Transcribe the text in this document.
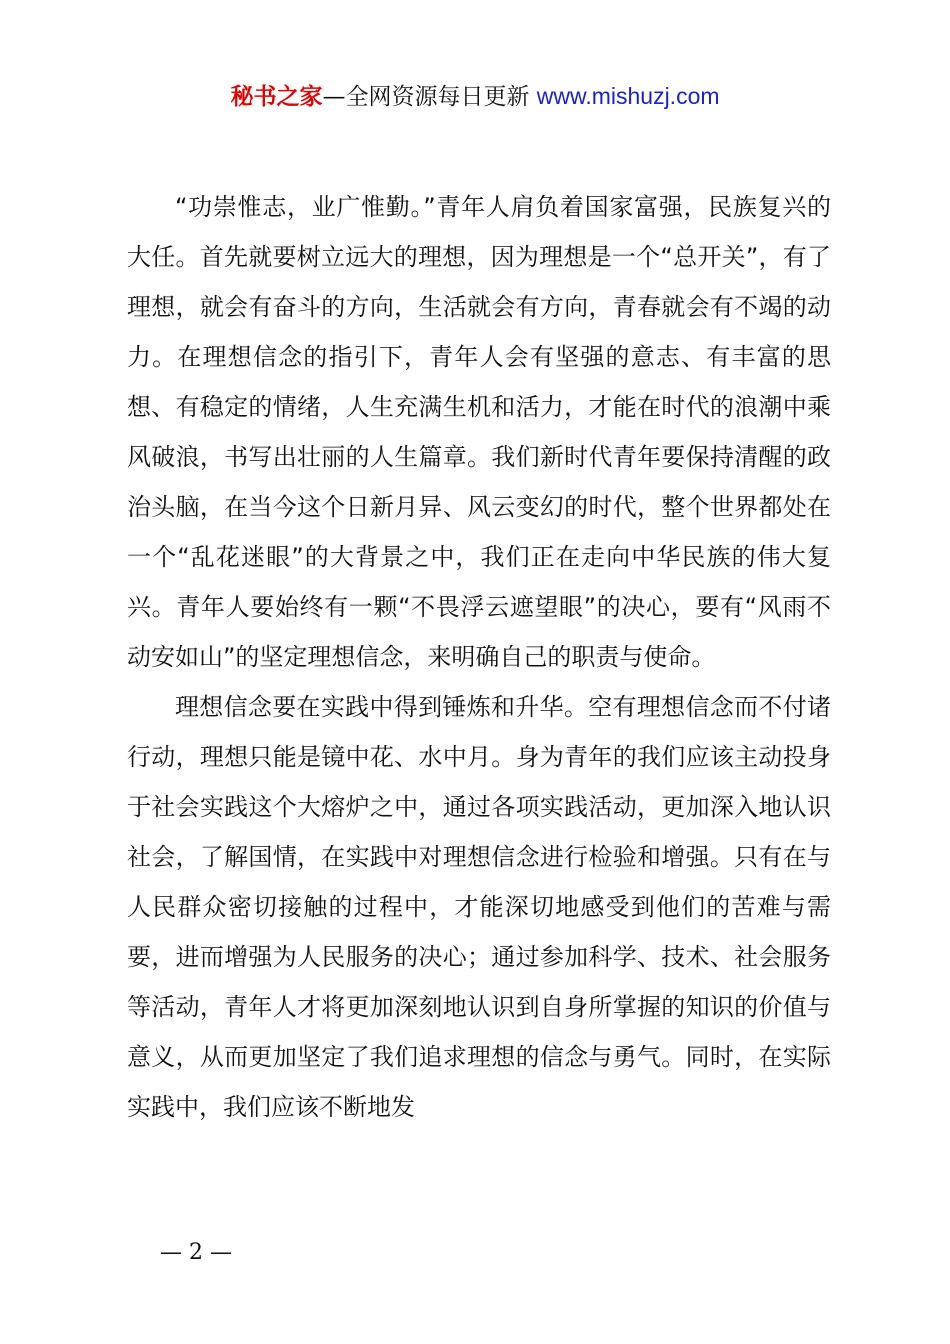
秘书之家—全网资源每日更新 www.mishuzj.com

“功崇惟志，业广惟勤。”青年人肩负着国家富强，民族复兴的大任。首先就要树立远大的理想，因为理想是一个“总开关”，有了理想，就会有奋斗的方向，生活就会有方向，青春就会有不竭的动力。在理想信念的指引下，青年人会有坚强的意志、有丰富的思想、有稳定的情绪，人生充满生机和活力，才能在时代的浪潮中乘风破浪，书写出壮丽的人生篇章。我们新时代青年要保持清醒的政治头脑，在当今这个日新月异、风云变幻的时代，整个世界都处在一个“乱花迷眼”的大背景之中，我们正在走向中华民族的伟大复兴。青年人要始终有一颗“不畏浮云遮望眼”的决心，要有“风雨不动安如山”的坚定理想信念，来明确自己的职责与使命。

理想信念要在实践中得到锤炼和升华。空有理想信念而不付诸行动，理想只能是镜中花、水中月。身为青年的我们应该主动投身于社会实践这个大熔炉之中，通过各项实践活动，更加深入地认识社会，了解国情，在实践中对理想信念进行检验和增强。只有在与人民群众密切接触的过程中，才能深切地感受到他们的苦难与需要，进而增强为人民服务的决心；通过参加科学、技术、社会服务等活动，青年人才将更加深刻地认识到自身所掌握的知识的价值与意义，从而更加坚定了我们追求理想的信念与勇气。同时，在实际实践中，我们应该不断地发

— 2 —
